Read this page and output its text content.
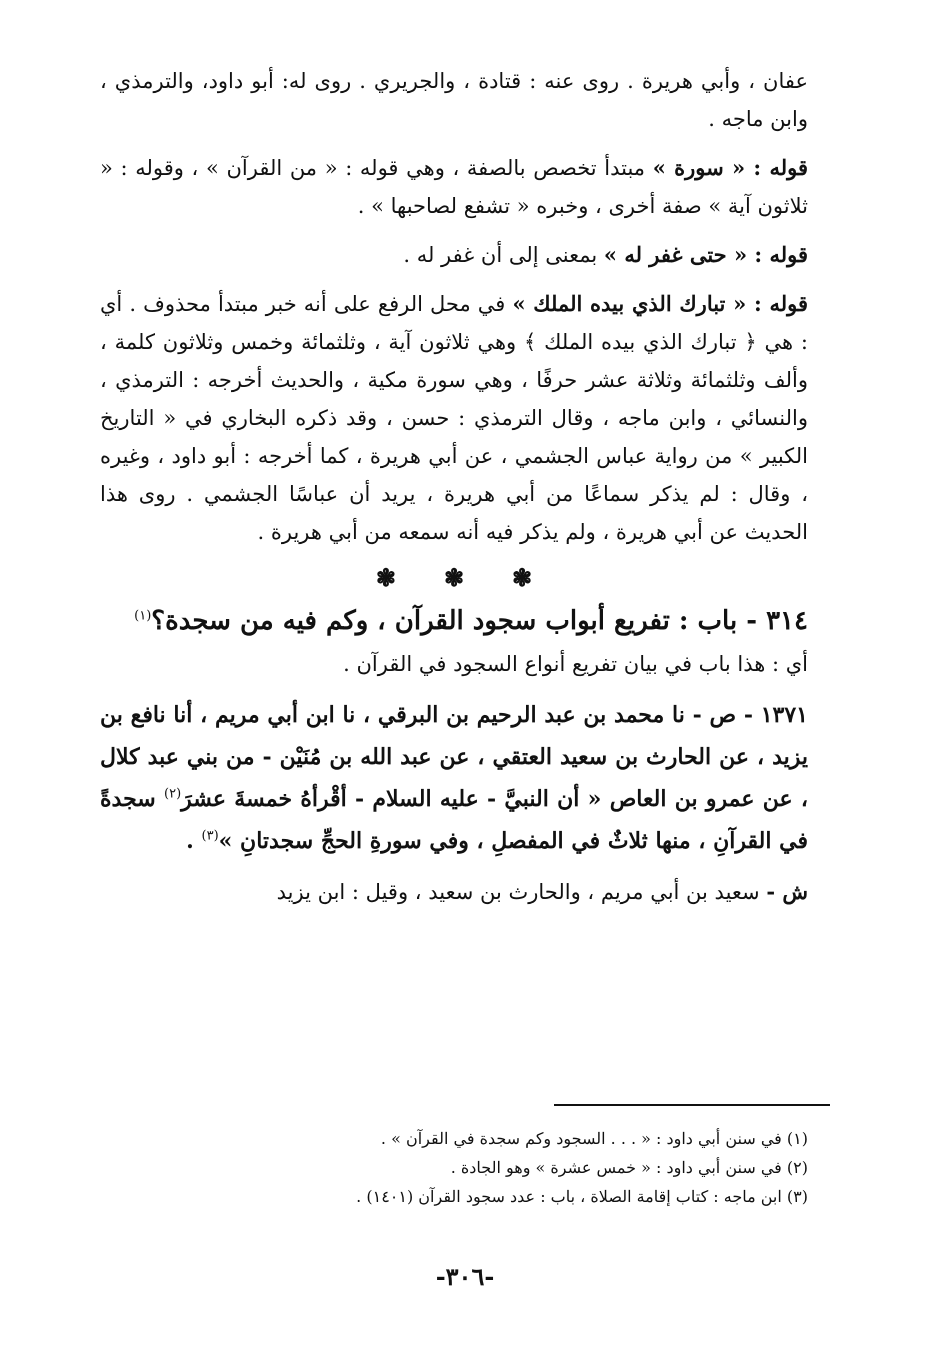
عفان ، وأبي هريرة . روى عنه : قتادة ، والجريري . روى له: أبو داود، والترمذي ، وابن ماجه .

قوله : « سورة » مبتدأ تخصص بالصفة ، وهي قوله : « من القرآن » ، وقوله : « ثلاثون آية » صفة أخرى ، وخبره « تشفع لصاحبها » .

قوله : « حتى غفر له » بمعنى إلى أن غفر له .

قوله : « تبارك الذي بيده الملك » في محل الرفع على أنه خبر مبتدأ محذوف . أي : هي ﴿ تبارك الذي بيده الملك ﴾ وهي ثلاثون آية ، وثلثمائة وخمس وثلاثون كلمة ، وألف وثلثمائة وثلاثة عشر حرفًا ، وهي سورة مكية ، والحديث أخرجه : الترمذي ، والنسائي ، وابن ماجه ، وقال الترمذي : حسن ، وقد ذكره البخاري في « التاريخ الكبير » من رواية عباس الجشمي ، عن أبي هريرة ، كما أخرجه : أبو داود ، وغيره ، وقال : لم يذكر سماعًا من أبي هريرة ، يريد أن عباسًا الجشمي . روى هذا الحديث عن أبي هريرة ، ولم يذكر فيه أنه سمعه من أبي هريرة .

❃❃❃

٣١٤ - باب : تفريع أبواب سجود القرآن ، وكم فيه من سجدة؟$^{(١)}$

أي : هذا باب في بيان تفريع أنواع السجود في القرآن .

١٣٧١ - ص - نا محمد بن عبد الرحيم بن البرقي ، نا ابن أبي مريم ، أنا نافع بن يزيد ، عن الحارث بن سعيد العتقي ، عن عبد الله بن مُنَيْن - من بني عبد كلال ، عن عمرو بن العاص « أن النبيَّ - عليه السلام - أقْرأهُ خمسةَ عشرَ$^{(٢)}$ سجدةً في القرآنِ ، منها ثلاثٌ في المفصلِ ، وفي سورةِ الحجِّ سجدتانِ »$^{(٣)}$ .

ش - سعيد بن أبي مريم ، والحارث بن سعيد ، وقيل : ابن يزيد

(١) في سنن أبي داود : « . . . السجود وكم سجدة في القرآن » .
(٢) في سنن أبي داود : « خمس عشرة » وهو الجادة .
(٣) ابن ماجه : كتاب إقامة الصلاة ، باب : عدد سجود القرآن (١٤٠١) .
-٣٠٦-
